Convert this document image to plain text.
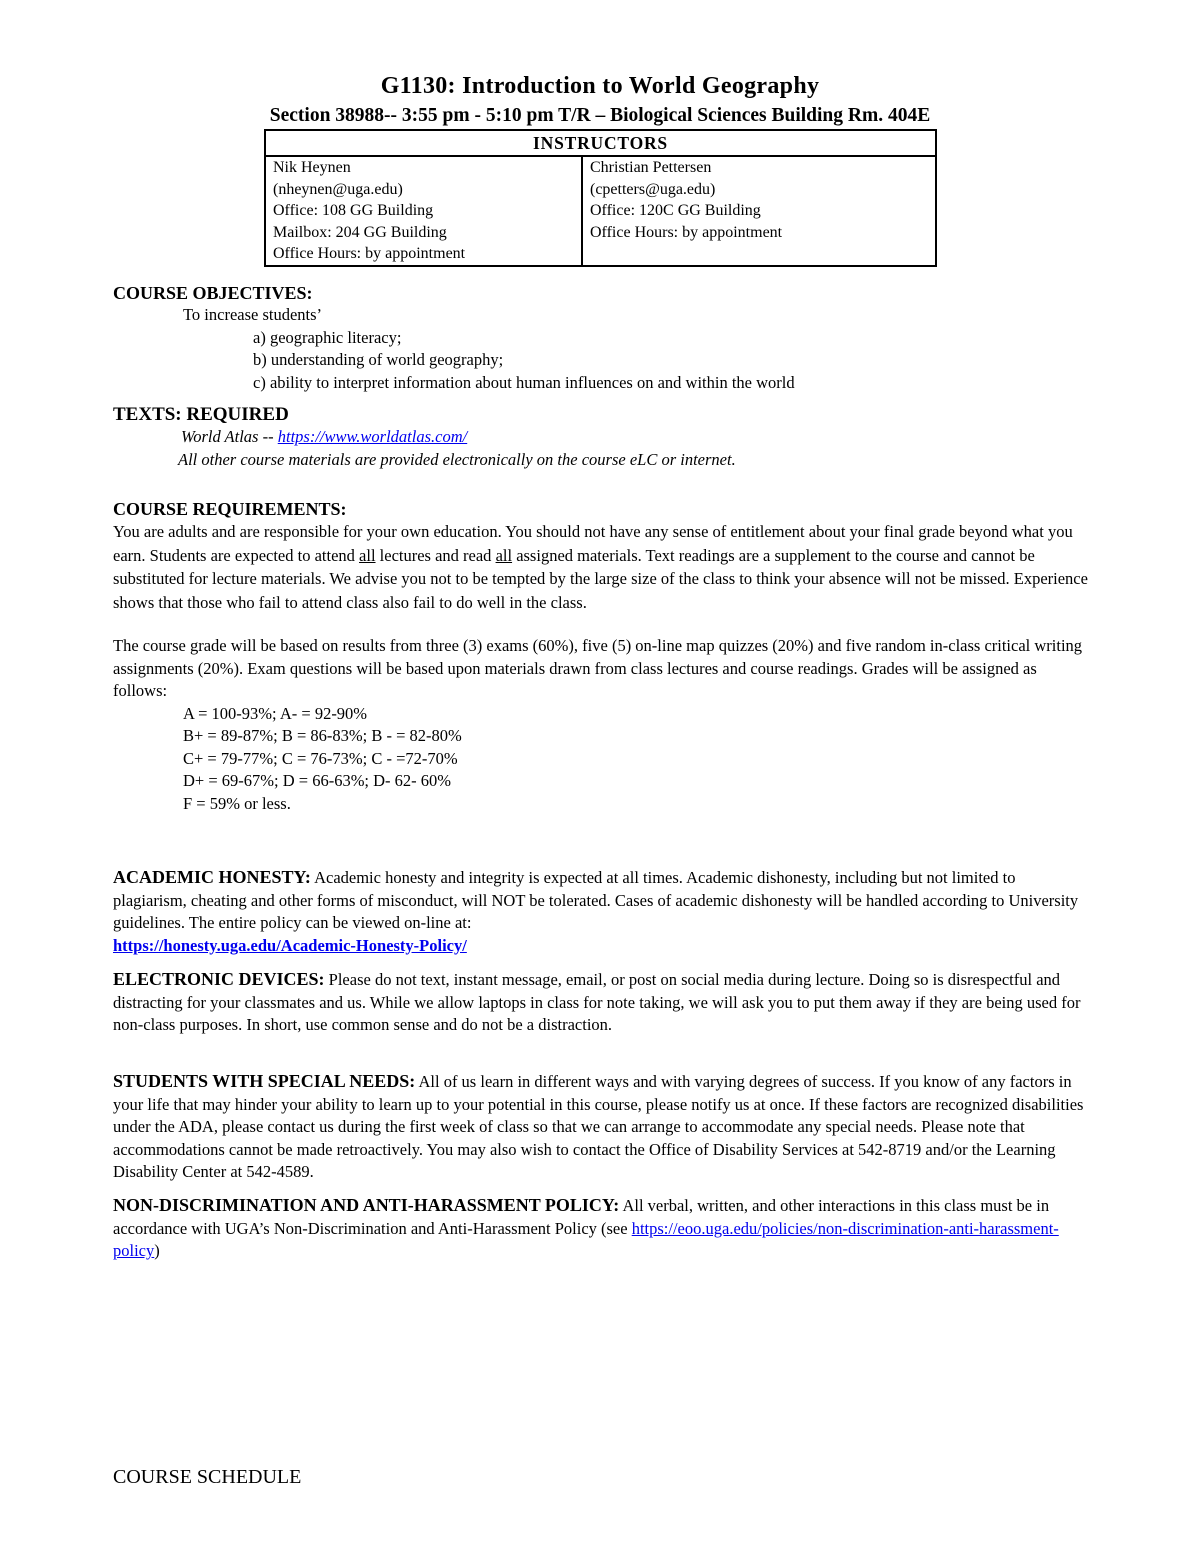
G1130: Introduction to World Geography
Section 38988-- 3:55 pm - 5:10 pm T/R – Biological Sciences Building Rm. 404E
INSTRUCTORS

Nik Heynen
(nheynen@uga.edu)
Office: 108 GG Building
Mailbox: 204 GG Building
Office Hours: by appointment

Christian Pettersen
(cpetters@uga.edu)
Office: 120C GG Building
Office Hours: by appointment
COURSE OBJECTIVES:
To increase students’
a) geographic literacy;
b) understanding of world geography;
c) ability to interpret information about human influences on and within the world
TEXTS: REQUIRED
World Atlas -- https://www.worldatlas.com/
All other course materials are provided electronically on the course eLC or internet.
COURSE REQUIREMENTS:

You are adults and are responsible for your own education. You should not have any sense of entitlement about your final grade beyond what you earn. Students are expected to attend all lectures and read all assigned materials. Text readings are a supplement to the course and cannot be substituted for lecture materials. We advise you not to be tempted by the large size of the class to think your absence will not be missed. Experience shows that those who fail to attend class also fail to do well in the class.

The course grade will be based on results from three (3) exams (60%), five (5) on-line map quizzes (20%) and five random in-class critical writing assignments (20%). Exam questions will be based upon materials drawn from class lectures and course readings. Grades will be assigned as follows:

A = 100-93%; A- = 92-90%
B+ = 89-87%; B = 86-83%; B - = 82-80%
C+ = 79-77%; C = 76-73%; C - =72-70%
D+ = 69-67%; D = 66-63%; D- 62- 60%
F = 59% or less.

ACADEMIC HONESTY: Academic honesty and integrity is expected at all times. Academic dishonesty, including but not limited to plagiarism, cheating and other forms of misconduct, will NOT be tolerated. Cases of academic dishonesty will be handled according to University guidelines. The entire policy can be viewed on-line at:

https://honesty.uga.edu/Academic-Honesty-Policy/

ELECTRONIC DEVICES: Please do not text, instant message, email, or post on social media during lecture. Doing so is disrespectful and distracting for your classmates and us. While we allow laptops in class for note taking, we will ask you to put them away if they are being used for non-class purposes. In short, use common sense and do not be a distraction.

STUDENTS WITH SPECIAL NEEDS: All of us learn in different ways and with varying degrees of success. If you know of any factors in your life that may hinder your ability to learn up to your potential in this course, please notify us at once. If these factors are recognized disabilities under the ADA, please contact us during the first week of class so that we can arrange to accommodate any special needs. Please note that accommodations cannot be made retroactively. You may also wish to contact the Office of Disability Services at 542-8719 and/or the Learning Disability Center at 542-4589.

NON-DISCRIMINATION AND ANTI-HARASSMENT POLICY: All verbal, written, and other interactions in this class must be in accordance with UGA’s Non-Discrimination and Anti-Harassment Policy (see https://eoo.uga.edu/policies/non-discrimination-anti-harassment-policy)

COURSE SCHEDULE
